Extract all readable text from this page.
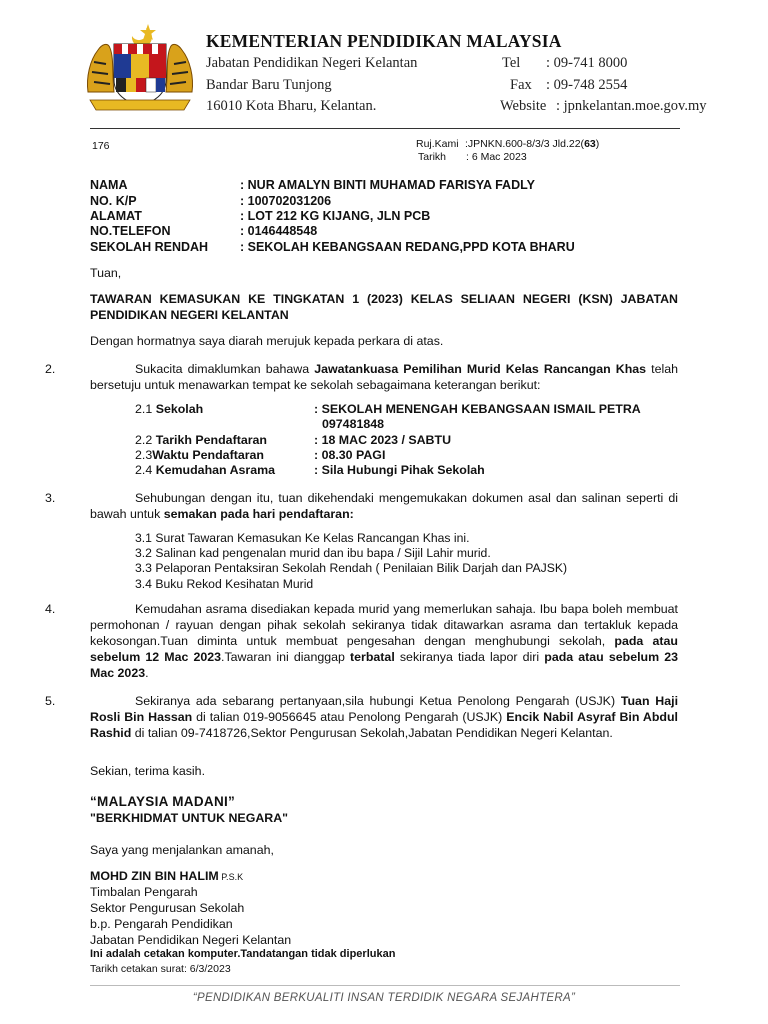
KEMENTERIAN PENDIDIKAN MALAYSIA
Jabatan Pendidikan Negeri Kelantan
Bandar Baru Tunjong
16010 Kota Bharu, Kelantan.
Tel : 09-741 8000
Fax : 09-748 2554
Website : jpnkelantan.moe.gov.my
176	Ruj.Kami :JPNKN.600-8/3/3 Jld.22(63)
Tarikh : 6 Mac 2023
NAMA	: NUR AMALYN BINTI MUHAMAD FARISYA FADLY
NO. K/P	: 100702031206
ALAMAT	: LOT 212 KG KIJANG, JLN PCB
NO.TELEFON	: 0146448548
SEKOLAH RENDAH	: SEKOLAH KEBANGSAAN REDANG,PPD KOTA BHARU
Tuan,
TAWARAN KEMASUKAN KE TINGKATAN 1 (2023) KELAS SELIAAN NEGERI (KSN) JABATAN PENDIDIKAN NEGERI KELANTAN
Dengan hormatnya saya diarah merujuk kepada perkara di atas.
2.	Sukacita dimaklumkan bahawa Jawatankuasa Pemilihan Murid Kelas Rancangan Khas telah bersetuju untuk menawarkan tempat ke sekolah sebagaimana keterangan berikut:
2.1 Sekolah	: SEKOLAH MENENGAH KEBANGSAAN ISMAIL PETRA
097481848
2.2 Tarikh Pendaftaran	: 18 MAC 2023 / SABTU
2.3Waktu Pendaftaran	: 08.30 PAGI
2.4 Kemudahan Asrama	: Sila Hubungi Pihak Sekolah
3.	Sehubungan dengan itu, tuan dikehendaki mengemukakan dokumen asal dan salinan seperti di bawah untuk semakan pada hari pendaftaran:
3.1 Surat Tawaran Kemasukan Ke Kelas Rancangan Khas ini.
3.2 Salinan kad pengenalan murid dan ibu bapa / Sijil Lahir murid.
3.3 Pelaporan Pentaksiran Sekolah Rendah ( Penilaian Bilik Darjah dan PAJSK)
3.4 Buku Rekod Kesihatan Murid
4.	Kemudahan asrama disediakan kepada murid yang memerlukan sahaja. Ibu bapa boleh membuat permohonan / rayuan dengan pihak sekolah sekiranya tidak ditawarkan asrama dan tertakluk kepada kekosongan.Tuan diminta untuk membuat pengesahan dengan menghubungi sekolah, pada atau sebelum 12 Mac 2023.Tawaran ini dianggap terbatal sekiranya tiada lapor diri pada atau sebelum 23 Mac 2023.
5.	Sekiranya ada sebarang pertanyaan,sila hubungi Ketua Penolong Pengarah (USJK) Tuan Haji Rosli Bin Hassan di talian 019-9056645 atau Penolong Pengarah (USJK) Encik Nabil Asyraf Bin Abdul Rashid di talian 09-7418726,Sektor Pengurusan Sekolah,Jabatan Pendidikan Negeri Kelantan.
Sekian, terima kasih.
“MALAYSIA MADANI”
"BERKHIDMAT UNTUK NEGARA"
Saya yang menjalankan amanah,
MOHD ZIN BIN HALIM P.S.K
Timbalan Pengarah
Sektor Pengurusan Sekolah
b.p. Pengarah Pendidikan
Jabatan Pendidikan Negeri Kelantan
Ini adalah cetakan komputer.Tandatangan tidak diperlukan
Tarikh cetakan surat: 6/3/2023
“PENDIDIKAN BERKUALITI INSAN TERDIDIK NEGARA SEJAHTERA”
